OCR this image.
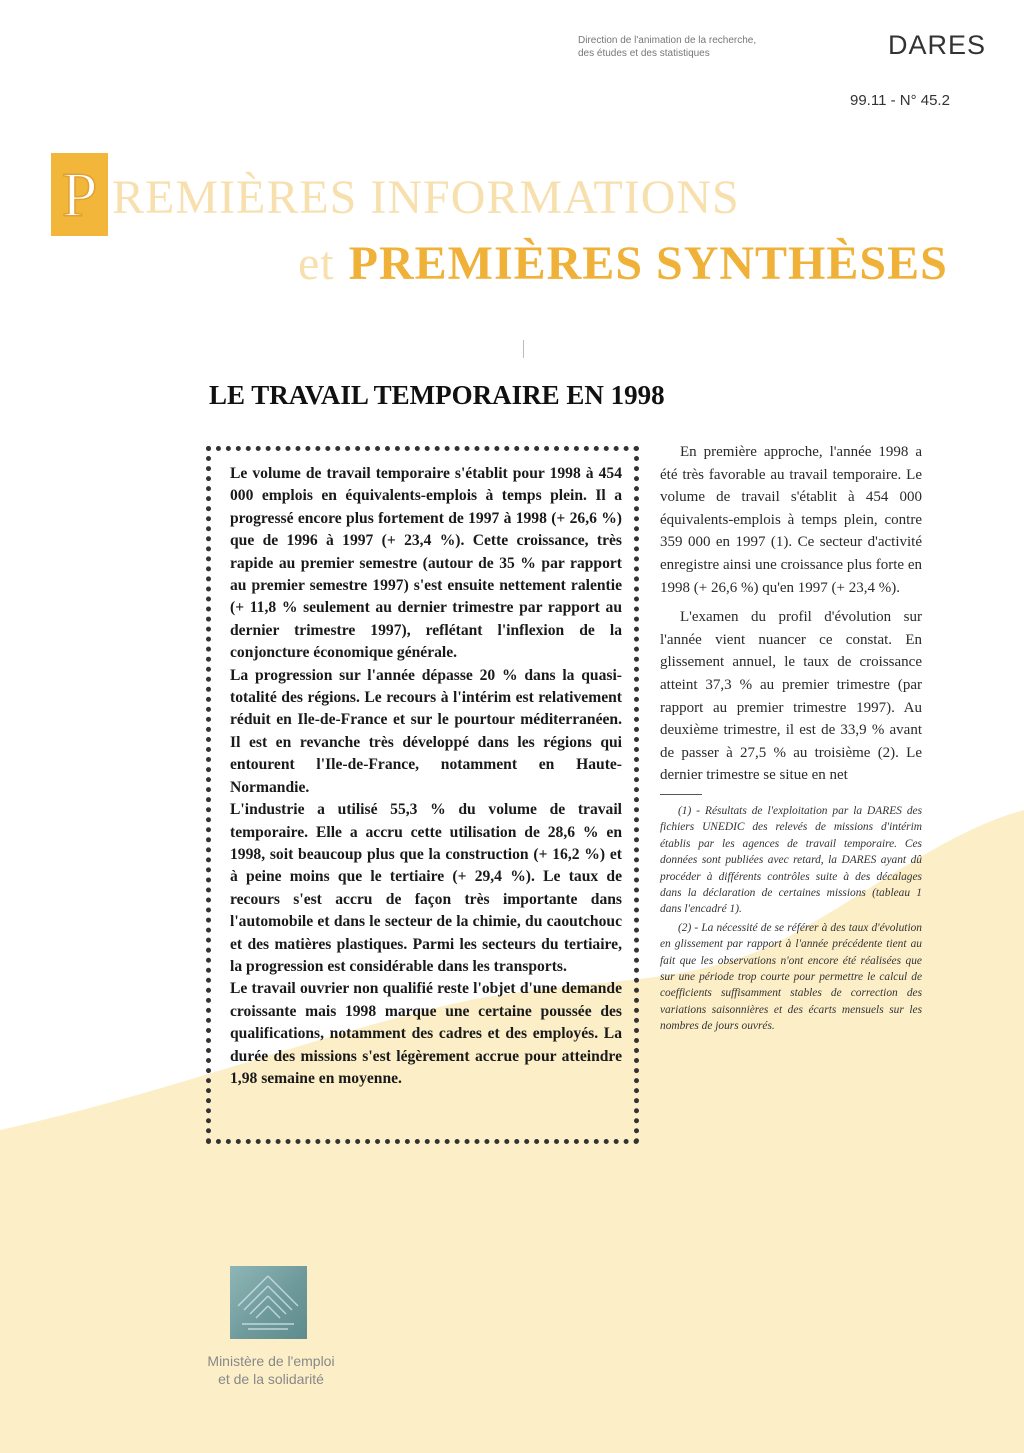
Direction de l'animation de la recherche,
des études et des statistiques	DARES
99.11 - N° 45.2
P REMIÈRES INFORMATIONS
et PREMIÈRES SYNTHÈSES
LE TRAVAIL TEMPORAIRE EN 1998

Le volume de travail temporaire s'établit pour 1998 à 454 000 emplois en équivalents-emplois à temps plein. Il a progressé encore plus fortement de 1997 à 1998 (+ 26,6 %) que de 1996 à 1997 (+ 23,4 %). Cette croissance, très rapide au premier semestre (autour de 35 % par rapport au premier semestre 1997) s'est ensuite nettement ralentie (+ 11,8 % seulement au dernier trimestre par rapport au dernier trimestre 1997), reflétant l'inflexion de la conjoncture économique générale.

La progression sur l'année dépasse 20 % dans la quasi-totalité des régions. Le recours à l'intérim est relativement réduit en Ile-de-France et sur le pourtour méditerranéen. Il est en revanche très développé dans les régions qui entourent l'Ile-de-France, notamment en Haute-Normandie.

L'industrie a utilisé 55,3 % du volume de travail temporaire. Elle a accru cette utilisation de 28,6 % en 1998, soit beaucoup plus que la construction (+ 16,2 %) et à peine moins que le tertiaire (+ 29,4 %). Le taux de recours s'est accru de façon très importante dans l'automobile et dans le secteur de la chimie, du caoutchouc et des matières plastiques. Parmi les secteurs du tertiaire, la progression est considérable dans les transports.

Le travail ouvrier non qualifié reste l'objet d'une demande croissante mais 1998 marque une certaine poussée des qualifications, notamment des cadres et des employés. La durée des missions s'est légèrement accrue pour atteindre 1,98 semaine en moyenne.

En première approche, l'année 1998 a été très favorable au travail temporaire. Le volume de travail s'établit à 454 000 équivalents-emplois à temps plein, contre 359 000 en 1997 (1). Ce secteur d'activité enregistre ainsi une croissance plus forte en 1998 (+ 26,6 %) qu'en 1997 (+ 23,4 %).

L'examen du profil d'évolution sur l'année vient nuancer ce constat. En glissement annuel, le taux de croissance atteint 37,3 % au premier trimestre (par rapport au premier trimestre 1997). Au deuxième trimestre, il est de 33,9 % avant de passer à 27,5 % au troisième (2). Le dernier trimestre se situe en net

(1) - Résultats de l'exploitation par la DARES des fichiers UNEDIC des relevés de missions d'intérim établis par les agences de travail temporaire. Ces données sont publiées avec retard, la DARES ayant dû procéder à différents contrôles suite à des décalages dans la déclaration de certaines missions (tableau 1 dans l'encadré 1).

(2) - La nécessité de se référer à des taux d'évolution en glissement par rapport à l'année précédente tient au fait que les observations n'ont encore été réalisées que sur une période trop courte pour permettre le calcul de coefficients suffisamment stables de correction des variations saisonnières et des écarts mensuels sur les nombres de jours ouvrés.

Ministère de l'emploi
et de la solidarité
